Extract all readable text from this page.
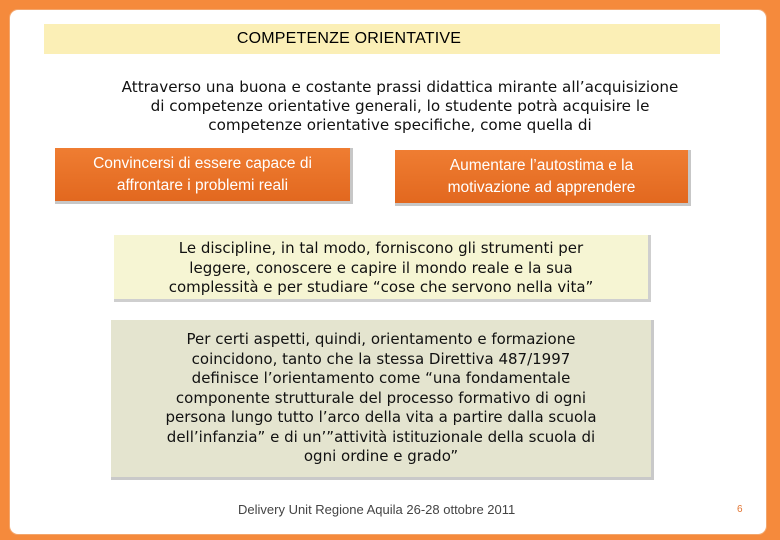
COMPETENZE ORIENTATIVE
Attraverso una buona e costante prassi didattica mirante all’acquisizione
di competenze orientative generali, lo studente potrà acquisire le
competenze orientative specifiche, come quella di
Convincersi di essere capace di
affrontare i problemi reali
Aumentare l’autostima e la
motivazione ad apprendere
Le discipline, in tal modo, forniscono gli strumenti per
leggere, conoscere e capire il mondo reale e la sua
complessità e per studiare “cose che servono nella vita”
Per certi aspetti, quindi, orientamento e formazione
coincidono, tanto che la stessa Direttiva 487/1997
definisce l’orientamento come “una fondamentale
componente strutturale del processo formativo di ogni
persona lungo tutto l’arco della vita a partire dalla scuola
dell’infanzia” e di un’”attività istituzionale della scuola di
ogni ordine e grado”
Delivery Unit Regione Aquila 26-28 ottobre 2011	6
